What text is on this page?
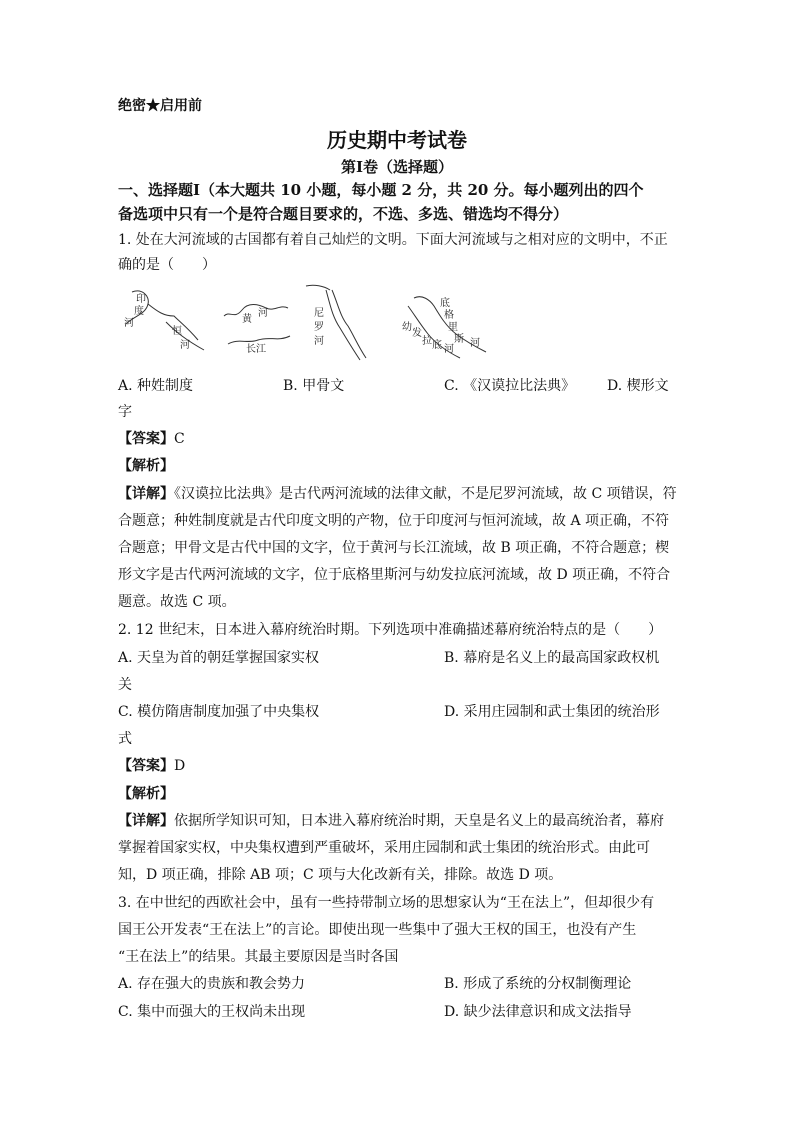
绝密★启用前
历史期中考试卷
第Ⅰ卷（选择题）
一、选择题Ⅰ（本大题共 10 小题，每小题 2 分，共 20 分。每小题列出的四个
备选项中只有一个是符合题目要求的，不选、多选、错选均不得分）
1. 处在大河流域的古国都有着自己灿烂的文明。下面大河流域与之相对应的文明中，不正
确的是（　　）
印
度
河
恒
河
黄
河
长江
尼
罗
河
底
格
里
斯 河
幼
发
拉 底 河
A. 种姓制度	B. 甲骨文	C. 《汉谟拉比法典》 D. 楔形文
字
【答案】C
【解析】
【详解】《汉谟拉比法典》是古代两河流域的法律文献，不是尼罗河流域，故 C 项错误，符
合题意；种姓制度就是古代印度文明的产物，位于印度河与恒河流域，故 A 项正确，不符
合题意；甲骨文是古代中国的文字，位于黄河与长江流域，故 B 项正确，不符合题意；楔
形文字是古代两河流域的文字，位于底格里斯河与幼发拉底河流域，故 D 项正确，不符合
题意。故选 C 项。
2. 12 世纪末，日本进入幕府统治时期。下列选项中准确描述幕府统治特点的是（　　）
A. 天皇为首的朝廷掌握国家实权	B. 幕府是名义上的最高国家政权机
关
C. 模仿隋唐制度加强了中央集权	D. 采用庄园制和武士集团的统治形
式
【答案】D
【解析】
【详解】依据所学知识可知，日本进入幕府统治时期，天皇是名义上的最高统治者，幕府
掌握着国家实权，中央集权遭到严重破坏，采用庄园制和武士集团的统治形式。由此可
知，D 项正确，排除 AB 项；C 项与大化改新有关，排除。故选 D 项。
3. 在中世纪的西欧社会中，虽有一些持带制立场的思想家认为“王在法上”，但却很少有
国王公开发表“王在法上”的言论。即使出现一些集中了强大王权的国王，也没有产生
“王在法上”的结果。其最主要原因是当时各国
A. 存在强大的贵族和教会势力	B. 形成了系统的分权制衡理论
C. 集中而强大的王权尚未出现	D. 缺少法律意识和成文法指导
